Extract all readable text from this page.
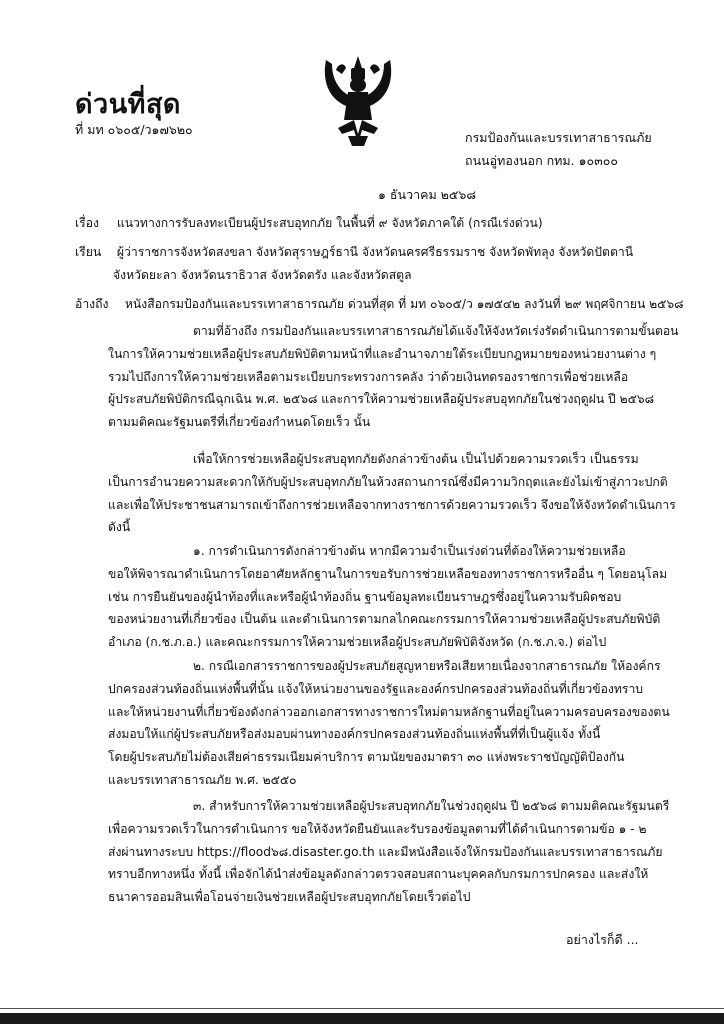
ด่วนที่สุด
ที่ มท ๐๖๐๕/ว๑๗๖๒๐
กรมป้องกันและบรรเทาสาธารณภัย
ถนนอู่ทองนอก กทม. ๑๐๓๐๐
๑ ธันวาคม ๒๕๖๘
เรื่อง แนวทางการรับลงทะเบียนผู้ประสบอุทกภัย ในพื้นที่ ๙ จังหวัดภาคใต้ (กรณีเร่งด่วน)
เรียน ผู้ว่าราชการจังหวัดสงขลา จังหวัดสุราษฎร์ธานี จังหวัดนครศรีธรรมราช จังหวัดพัทลุง จังหวัดปัตตานี
จังหวัดยะลา จังหวัดนราธิวาส จังหวัดตรัง และจังหวัดสตูล
อ้างถึง หนังสือกรมป้องกันและบรรเทาสาธารณภัย ด่วนที่สุด ที่ มท ๐๖๐๕/ว ๑๗๕๔๒ ลงวันที่ ๒๙ พฤศจิกายน ๒๕๖๘
ตามที่อ้างถึง กรมป้องกันและบรรเทาสาธารณภัยได้แจ้งให้จังหวัดเร่งรัดดำเนินการตามขั้นตอน
ในการให้ความช่วยเหลือผู้ประสบภัยพิบัติตามหน้าที่และอำนาจภายใต้ระเบียบกฎหมายของหน่วยงานต่าง ๆ
รวมไปถึงการให้ความช่วยเหลือตามระเบียบกระทรวงการคลัง ว่าด้วยเงินทดรองราชการเพื่อช่วยเหลือ
ผู้ประสบภัยพิบัติกรณีฉุกเฉิน พ.ศ. ๒๕๖๘ และการให้ความช่วยเหลือผู้ประสบอุทกภัยในช่วงฤดูฝน ปี ๒๕๖๘
ตามมติคณะรัฐมนตรีที่เกี่ยวข้องกำหนดโดยเร็ว นั้น
เพื่อให้การช่วยเหลือผู้ประสบอุทกภัยดังกล่าวข้างต้น เป็นไปด้วยความรวดเร็ว เป็นธรรม
เป็นการอำนวยความสะดวกให้กับผู้ประสบอุทกภัยในห้วงสถานการณ์ซึ่งมีความวิกฤตและยังไม่เข้าสู่ภาวะปกติ
และเพื่อให้ประชาชนสามารถเข้าถึงการช่วยเหลือจากทางราชการด้วยความรวดเร็ว จึงขอให้จังหวัดดำเนินการ
ดังนี้
๑. การดำเนินการดังกล่าวข้างต้น หากมีความจำเป็นเร่งด่วนที่ต้องให้ความช่วยเหลือ
ขอให้พิจารณาดำเนินการโดยอาศัยหลักฐานในการขอรับการช่วยเหลือของทางราชการหรืออื่น ๆ โดยอนุโลม
เช่น การยืนยันของผู้นำท้องที่และหรือผู้นำท้องถิ่น ฐานข้อมูลทะเบียนราษฎรซึ่งอยู่ในความรับผิดชอบ
ของหน่วยงานที่เกี่ยวข้อง เป็นต้น และดำเนินการตามกลไกคณะกรรมการให้ความช่วยเหลือผู้ประสบภัยพิบัติ
อำเภอ (ก.ช.ภ.อ.) และคณะกรรมการให้ความช่วยเหลือผู้ประสบภัยพิบัติจังหวัด (ก.ช.ภ.จ.) ต่อไป
๒. กรณีเอกสารราชการของผู้ประสบภัยสูญหายหรือเสียหายเนื่องจากสาธารณภัย ให้องค์กร
ปกครองส่วนท้องถิ่นแห่งพื้นที่นั้น แจ้งให้หน่วยงานของรัฐและองค์กรปกครองส่วนท้องถิ่นที่เกี่ยวข้องทราบ
และให้หน่วยงานที่เกี่ยวข้องดังกล่าวออกเอกสารทางราชการใหม่ตามหลักฐานที่อยู่ในความครอบครองของตน
ส่งมอบให้แก่ผู้ประสบภัยหรือส่งมอบผ่านทางองค์กรปกครองส่วนท้องถิ่นแห่งพื้นที่ที่เป็นผู้แจ้ง ทั้งนี้
โดยผู้ประสบภัยไม่ต้องเสียค่าธรรมเนียมค่าบริการ ตามนัยของมาตรา ๓๐ แห่งพระราชบัญญัติป้องกัน
และบรรเทาสาธารณภัย พ.ศ. ๒๕๕๐
๓. สำหรับการให้ความช่วยเหลือผู้ประสบอุทกภัยในช่วงฤดูฝน ปี ๒๕๖๘ ตามมติคณะรัฐมนตรี
เพื่อความรวดเร็วในการดำเนินการ ขอให้จังหวัดยืนยันและรับรองข้อมูลตามที่ได้ดำเนินการตามข้อ ๑ - ๒
ส่งผ่านทางระบบ https://flood๖๘.disaster.go.th และมีหนังสือแจ้งให้กรมป้องกันและบรรเทาสาธารณภัย
ทราบอีกทางหนึ่ง ทั้งนี้ เพื่อจักได้นำส่งข้อมูลดังกล่าวตรวจสอบสถานะบุคคลกับกรมการปกครอง และส่งให้
ธนาคารออมสินเพื่อโอนจ่ายเงินช่วยเหลือผู้ประสบอุทกภัยโดยเร็วต่อไป
อย่างไรก็ดี ...
